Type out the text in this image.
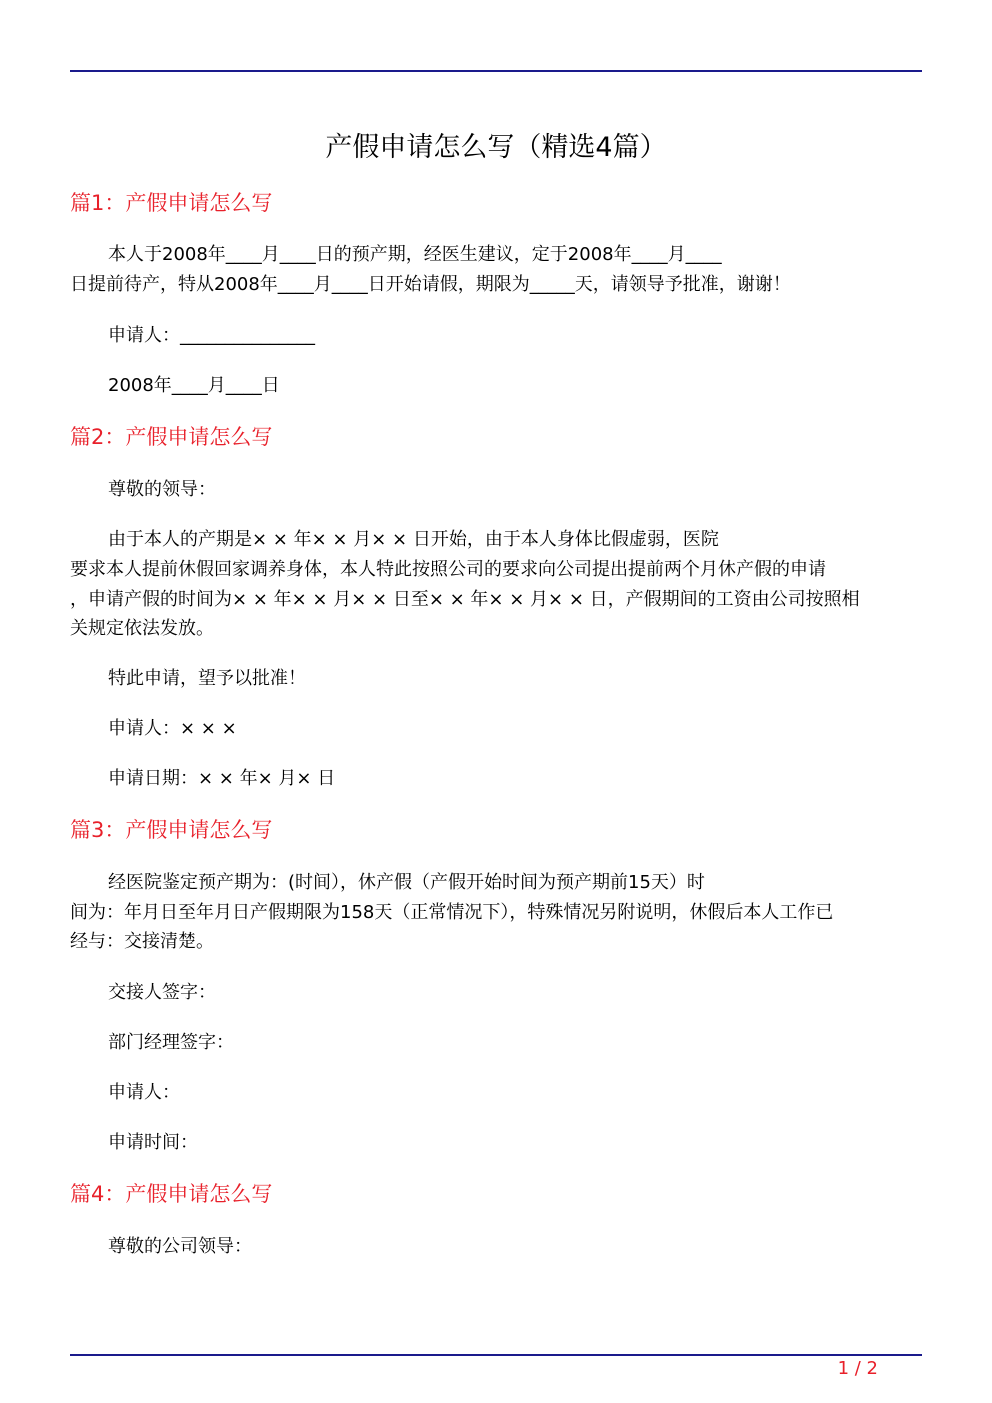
产假申请怎么写（精选4篇）
篇1：产假申请怎么写

本人于2008年____月____日的预产期，经医生建议，定于2008年____月____

日提前待产，特从2008年____月____日开始请假，期限为_____天，请领导予批准，谢谢！

申请人：_______________

2008年____月____日

篇2：产假申请怎么写

尊敬的领导：

由于本人的产期是× × 年× × 月× × 日开始，由于本人身体比假虚弱，医院

要求本人提前休假回家调养身体，本人特此按照公司的要求向公司提出提前两个月休产假的申请

，申请产假的时间为× × 年× × 月× × 日至× × 年× × 月× × 日，产假期间的工资由公司按照相

关规定依法发放。

特此申请，望予以批准！

申请人：× × ×

申请日期：× × 年× 月× 日

篇3：产假申请怎么写

经医院鉴定预产期为：(时间），休产假（产假开始时间为预产期前15天）时

间为：年月日至年月日产假期限为158天（正常情况下），特殊情况另附说明，休假后本人工作已

经与：交接清楚。

交接人签字：

部门经理签字：

申请人：

申请时间：

篇4：产假申请怎么写

尊敬的公司领导：

1 / 2
